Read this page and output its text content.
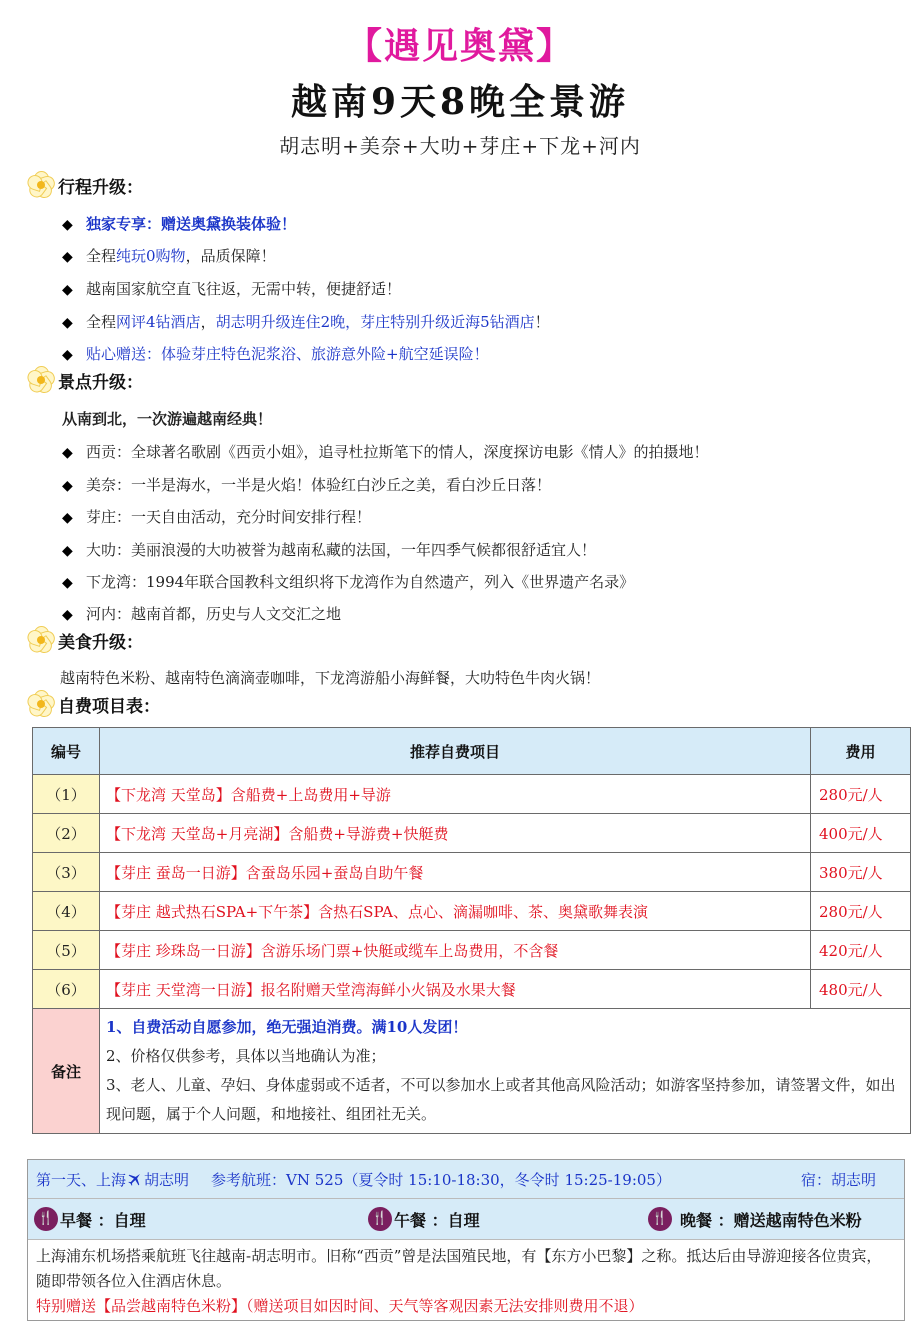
【遇见奥黛】
越南9天8晚全景游
胡志明+美奈+大叻+芽庄+下龙+河内
行程升级：
◆ 独家专享：赠送奥黛换装体验！
◆ 全程纯玩0购物，品质保障！
◆ 越南国家航空直飞往返，无需中转，便捷舒适！
◆ 全程网评4钻酒店，胡志明升级连住2晚，芽庄特别升级近海5钻酒店！
◆ 贴心赠送：体验芽庄特色泥浆浴、旅游意外险+航空延误险！
景点升级：
从南到北，一次游遍越南经典！
◆ 西贡：全球著名歌剧《西贡小姐》，追寻杜拉斯笔下的情人，深度探访电影《情人》的拍摄地！
◆ 美奈：一半是海水，一半是火焰！体验红白沙丘之美，看白沙丘日落！
◆ 芽庄：一天自由活动，充分时间安排行程！
◆ 大叻：美丽浪漫的大叻被誉为越南私藏的法国，一年四季气候都很舒适宜人！
◆ 下龙湾：1994年联合国教科文组织将下龙湾作为自然遗产，列入《世界遗产名录》
◆ 河内：越南首都，历史与人文交汇之地
美食升级：
越南特色米粉、越南特色滴滴壶咖啡，下龙湾游船小海鲜餐，大叻特色牛肉火锅！
自费项目表：
编号	推荐自费项目	费用
（1）	【下龙湾 天堂岛】含船费+上岛费用+导游	280元/人
（2）	【下龙湾 天堂岛+月亮湖】含船费+导游费+快艇费	400元/人
（3）	【芽庄 蚕岛一日游】含蚕岛乐园+蚕岛自助午餐	380元/人
（4）	【芽庄 越式热石SPA+下午茶】含热石SPA、点心、滴漏咖啡、茶、奥黛歌舞表演	280元/人
（5）	【芽庄 珍珠岛一日游】含游乐场门票+快艇或缆车上岛费用，不含餐	420元/人
（6）	【芽庄 天堂湾一日游】报名附赠天堂湾海鲜小火锅及水果大餐	480元/人
备注	1、自费活动自愿参加，绝无强迫消费。满10人发团！
2、价格仅供参考，具体以当地确认为准；
3、老人、儿童、孕妇、身体虚弱或不适者，不可以参加水上或者其他高风险活动；如游客坚持参加，请签署文件，如出现问题，属于个人问题，和地接社、组团社无关。	
第一天、上海 胡志明 参考航班：VN 525（夏令时 15:10-18:30，冬令时 15:25-19:05）	宿：胡志明
🍴 早餐 ：自理	🍴 午餐 ：自理	🍴 晚餐 ：赠送越南特色米粉
上海浦东机场搭乘航班飞往越南-胡志明市。旧称“西贡”曾是法国殖民地，有【东方小巴黎】之称。抵达后由导游迎接各位贵宾，随即带领各位入住酒店休息。
特别赠送【品尝越南特色米粉】（赠送项目如因时间、天气等客观因素无法安排则费用不退）
